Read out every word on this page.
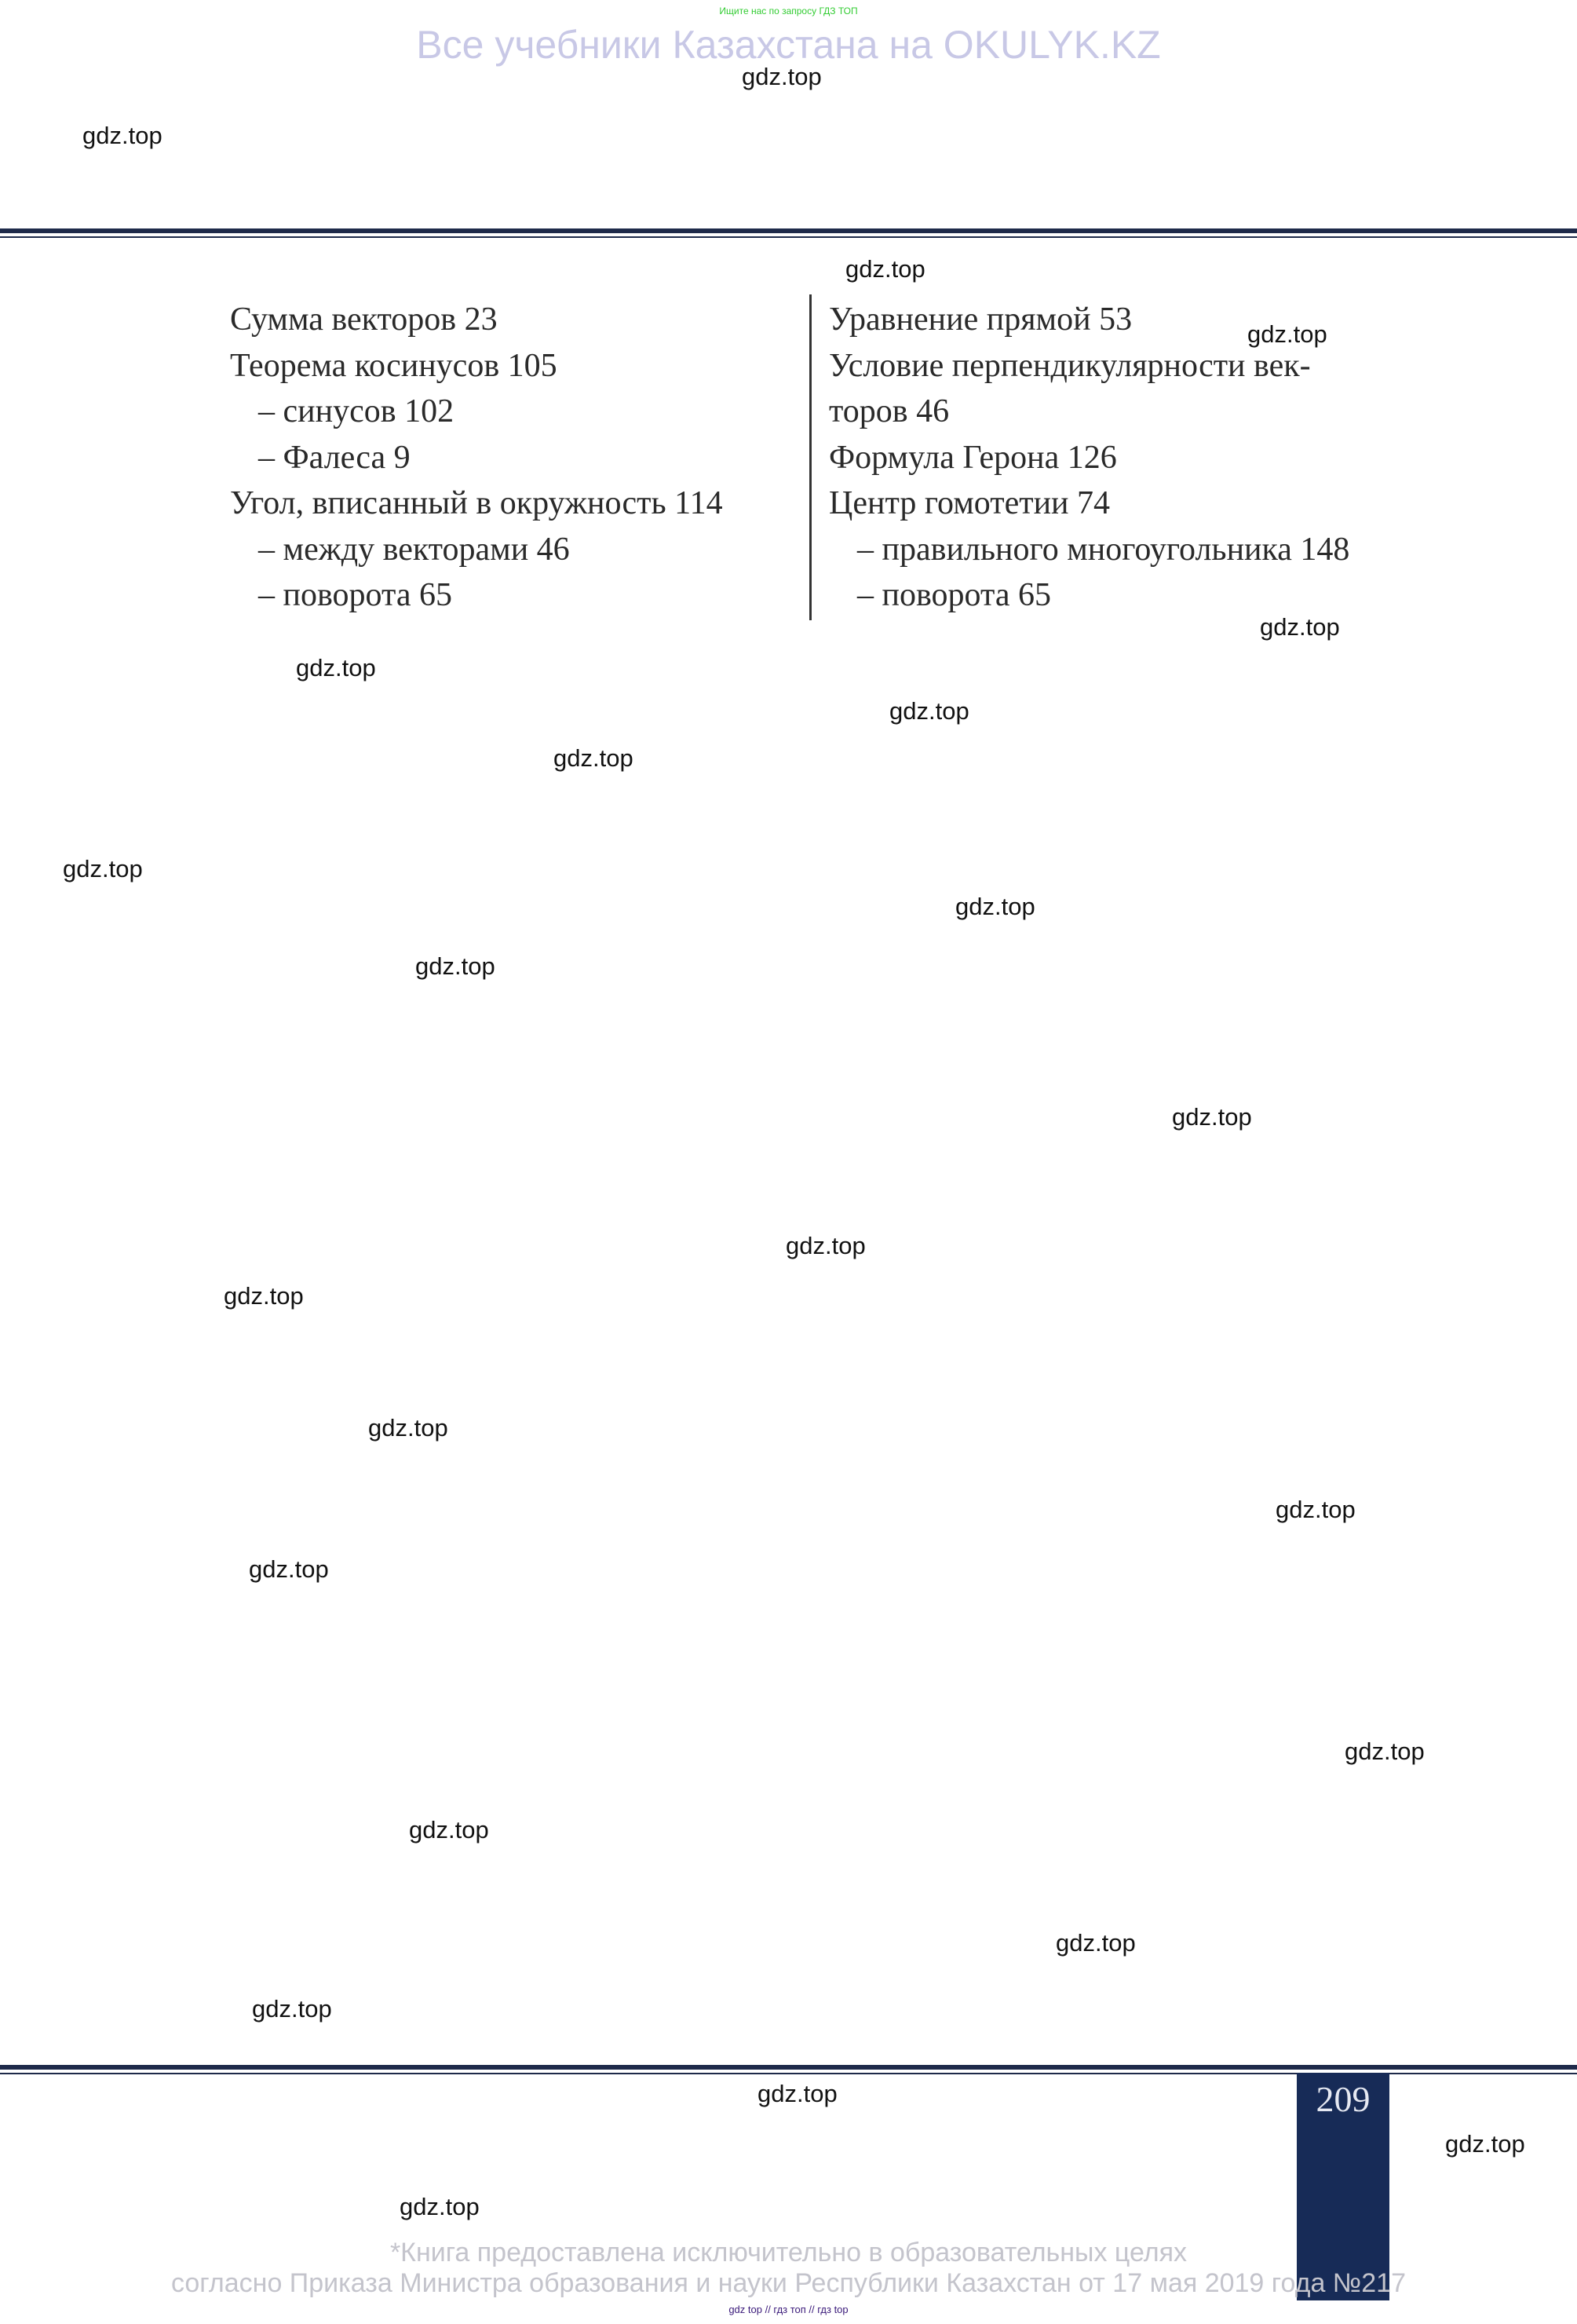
Ищите нас по запросу ГДЗ ТОП
Все учебники Казахстана на OKULYK.KZ
Сумма векторов 23
Теорема косинусов 105
– синусов 102
– Фалеса 9
Угол, вписанный в окружность 114
– между векторами 46
– поворота 65
Уравнение прямой 53
Условие перпендикулярности век-
торов 46
Формула Герона 126
Центр гомотетии 74
– правильного многоугольника 148
– поворота 65
209
*Книга предоставлена исключительно в образовательных целях
согласно Приказа Министра образования и науки Республики Казахстан от 17 мая 2019 года №217
gdz top // гдз топ // гдз top
gdz.top
gdz.top
gdz.top
gdz.top
gdz.top
gdz.top
gdz.top
gdz.top
gdz.top
gdz.top
gdz.top
gdz.top
gdz.top
gdz.top
gdz.top
gdz.top
gdz.top
gdz.top
gdz.top
gdz.top
gdz.top
gdz.top
gdz.top
gdz.top
